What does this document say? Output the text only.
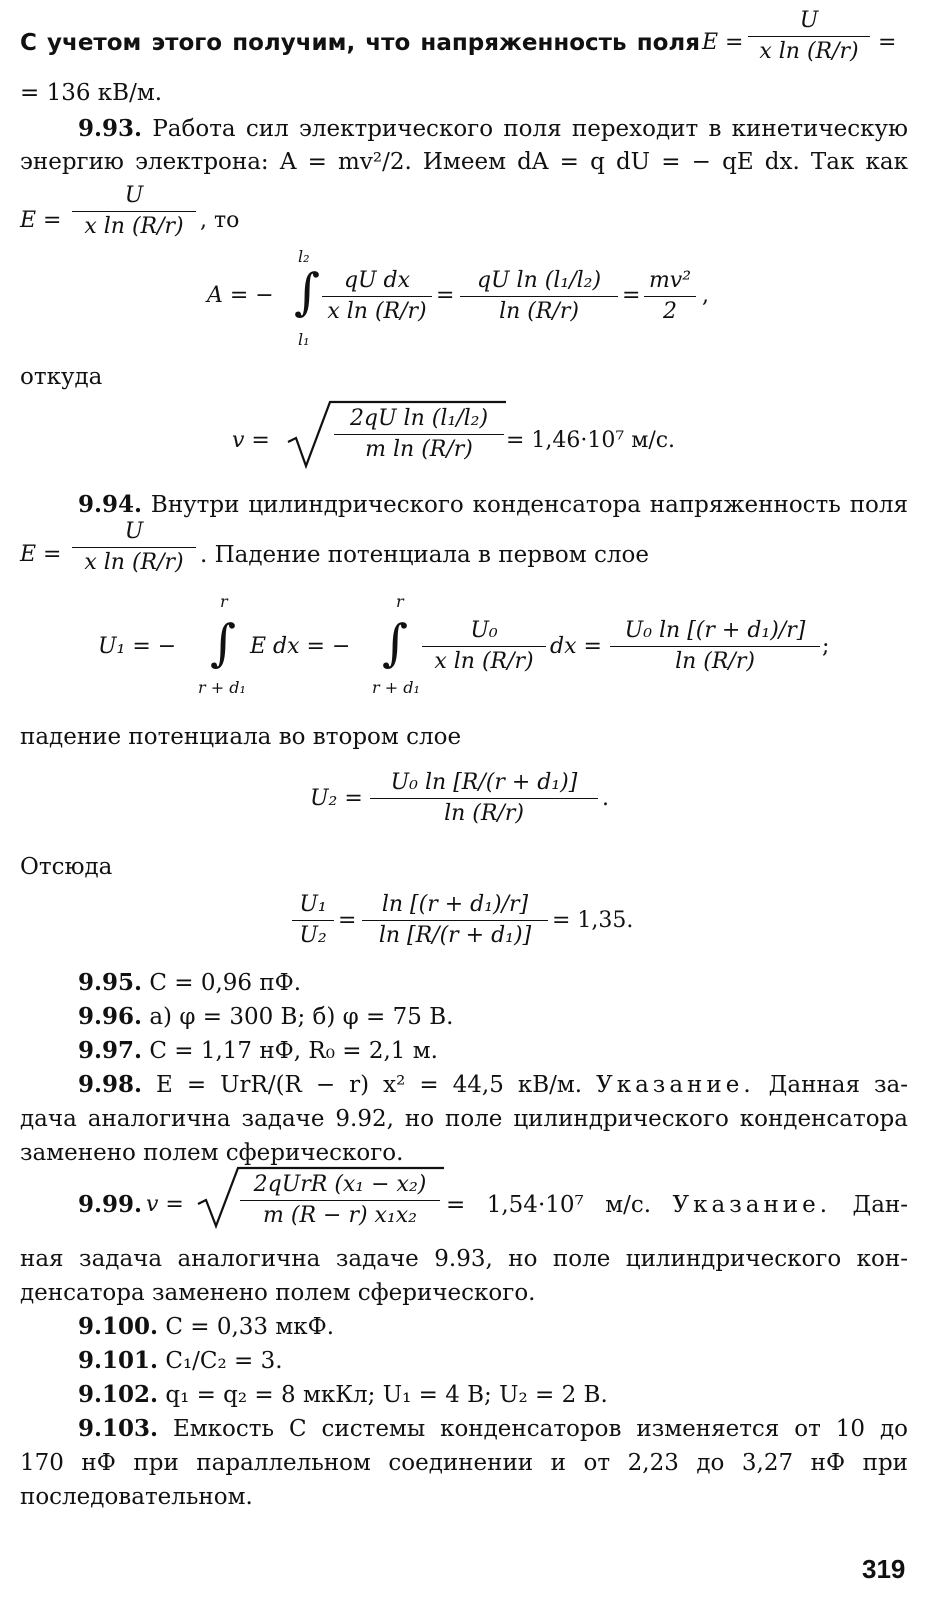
С учетом этого получим, что напряженность поля $E = \frac{U}{\text{x ln (R/r)}}$ =
= 136 кВ/м.
9.93. Работа сил электрического поля переходит в кинетическую
энергию электрона: A = mv²/2. Имеем dA = q dU = − qE dx. Так как
$E = \frac{U}{\text{x ln (R/r)}}$ , то
A = − ∫
l₂
l₁
$\frac{\text{qU dx}}{\text{x ln (R/r)}} = \frac{\text{qU ln (l₁/l₂)}}{\ln (R/r)} = \frac{\text{mv²}}{2}$ ,
откуда
v =	$\frac{\text{2qU ln (l₁/l₂)}}{\text{m ln (R/r)}} = 1,46\cdot 10^7$ м/с.
9.94. Внутри цилиндрического конденсатора напряженность поля
$E = \frac{U}{\text{x ln (R/r)}}$ . Падение потенциала в первом слое
U₁ = − ∫
r
r + d₁
E dx = − ∫
r
r + d₁
$\frac{\text{U₀}}{\text{x ln (R/r)}}$ dx = $\frac{\text{U₀ ln [(r + d₁)/r]}}{\ln (R/r)}$ ;
падение потенциала во втором слое
$U_2 = \frac{\text{U₀ ln [R/(r + d₁)]}}{\ln (R/r)}$ .
Отсюда
$\frac{\text{U₁}}{\text{U₂}} = \frac{\text{ln [(r + d₁)/r]}}{\text{ln [R/(r + d₁)]}} = 1,35$.
9.95. C = 0,96 пФ.
9.96. а) φ = 300 В; б) φ = 75 В.
9.97. C = 1,17 нФ, R₀ = 2,1 м.
9.98. E = UrR/(R − r) x² = 44,5 кВ/м. Указание. Данная за-
дача аналогична задаче 9.92, но поле цилиндрического конденсатора
заменено полем сферического.
9.99. v =
2qUrR (x₁ − x₂)
m (R − r) x₁x₂	= 1,54·10⁷ м/с. Указание. Дан-
ная задача аналогична задаче 9.93, но поле цилиндрического кон-
денсатора заменено полем сферического.
9.100. C = 0,33 мкФ.
9.101. C₁/C₂ = 3.
9.102. q₁ = q₂ = 8 мкКл; U₁ = 4 В; U₂ = 2 В.
9.103. Емкость C системы конденсаторов изменяется от 10 до
170 нФ при параллельном соединении и от 2,23 до 3,27 нФ при
последовательном.
319
